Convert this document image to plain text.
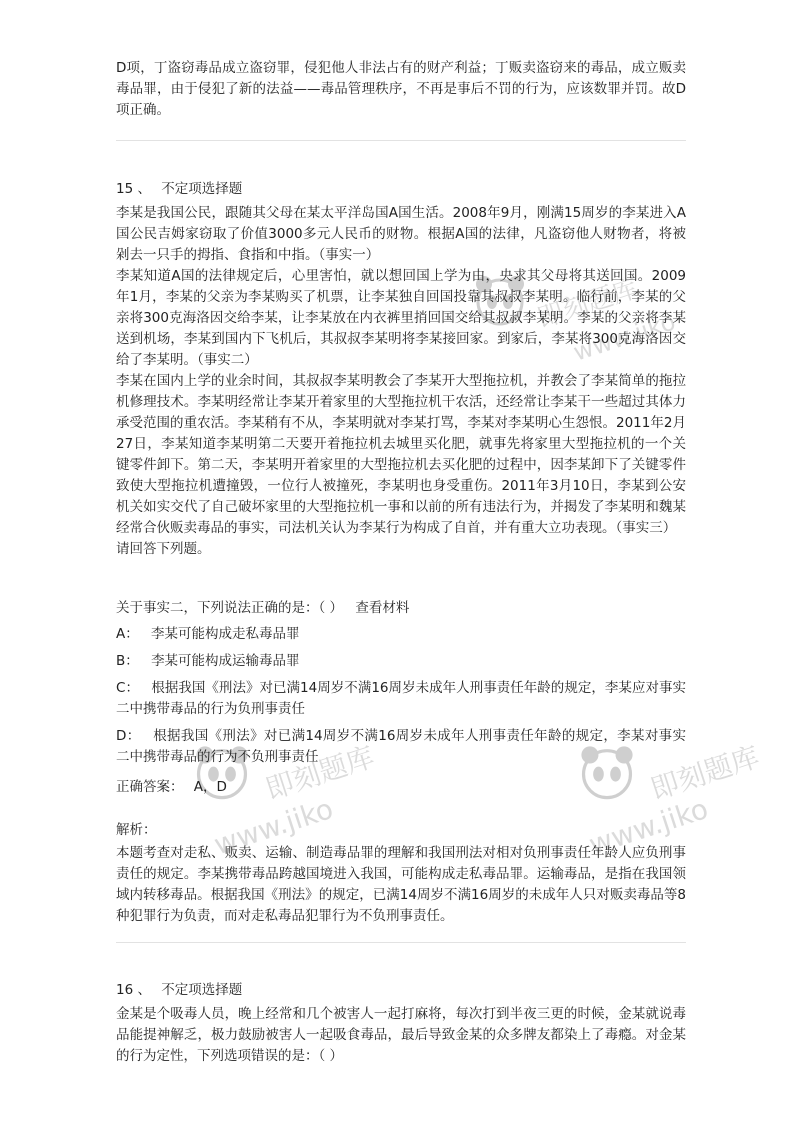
即刻题库
www.jiko
即刻题库
www.jiko
即刻题库
www.jiko

D项，丁盗窃毒品成立盗窃罪，侵犯他人非法占有的财产利益；丁贩卖盗窃来的毒品，成立贩卖毒品罪，由于侵犯了新的法益——毒品管理秩序，不再是事后不罚的行为，应该数罪并罚。故D项正确。

15 、 不定项选择题

李某是我国公民，跟随其父母在某太平洋岛国A国生活。2008年9月，刚满15周岁的李某进入A国公民吉姆家窃取了价值3000多元人民币的财物。根据A国的法律，凡盗窃他人财物者，将被剁去一只手的拇指、食指和中指。（事实一）
李某知道A国的法律规定后，心里害怕，就以想回国上学为由，央求其父母将其送回国。2009年1月，李某的父亲为李某购买了机票，让李某独自回国投靠其叔叔李某明。临行前，李某的父亲将300克海洛因交给李某，让李某放在内衣裤里捎回国交给其叔叔李某明。李某的父亲将李某送到机场，李某到国内下飞机后，其叔叔李某明将李某接回家。到家后，李某将300克海洛因交给了李某明。（事实二）
李某在国内上学的业余时间，其叔叔李某明教会了李某开大型拖拉机，并教会了李某简单的拖拉机修理技术。李某明经常让李某开着家里的大型拖拉机干农活，还经常让李某干一些超过其体力承受范围的重农活。李某稍有不从，李某明就对李某打骂，李某对李某明心生怨恨。2011年2月27日，李某知道李某明第二天要开着拖拉机去城里买化肥，就事先将家里大型拖拉机的一个关键零件卸下。第二天，李某明开着家里的大型拖拉机去买化肥的过程中，因李某卸下了关键零件致使大型拖拉机遭撞毁，一位行人被撞死，李某明也身受重伤。2011年3月10日，李某到公安机关如实交代了自己破坏家里的大型拖拉机一事和以前的所有违法行为，并揭发了李某明和魏某经常合伙贩卖毒品的事实，司法机关认为李某行为构成了自首，并有重大立功表现。（事实三）
请回答下列题。

关于事实二，下列说法正确的是：（ ） 查看材料

A： 李某可能构成走私毒品罪

B： 李某可能构成运输毒品罪

C： 根据我国《刑法》对已满14周岁不满16周岁未成年人刑事责任年龄的规定，李某应对事实二中携带毒品的行为负刑事责任

D： 根据我国《刑法》对已满14周岁不满16周岁未成年人刑事责任年龄的规定，李某对事实二中携带毒品的行为不负刑事责任

正确答案： A，D

解析：

本题考查对走私、贩卖、运输、制造毒品罪的理解和我国刑法对相对负刑事责任年龄人应负刑事责任的规定。李某携带毒品跨越国境进入我国，可能构成走私毒品罪。运输毒品，是指在我国领域内转移毒品。根据我国《刑法》的规定，已满14周岁不满16周岁的未成年人只对贩卖毒品等8种犯罪行为负责，而对走私毒品犯罪行为不负刑事责任。

16 、 不定项选择题

金某是个吸毒人员，晚上经常和几个被害人一起打麻将，每次打到半夜三更的时候，金某就说毒品能提神解乏，极力鼓励被害人一起吸食毒品，最后导致金某的众多牌友都染上了毒瘾。对金某的行为定性，下列选项错误的是：（ ）
